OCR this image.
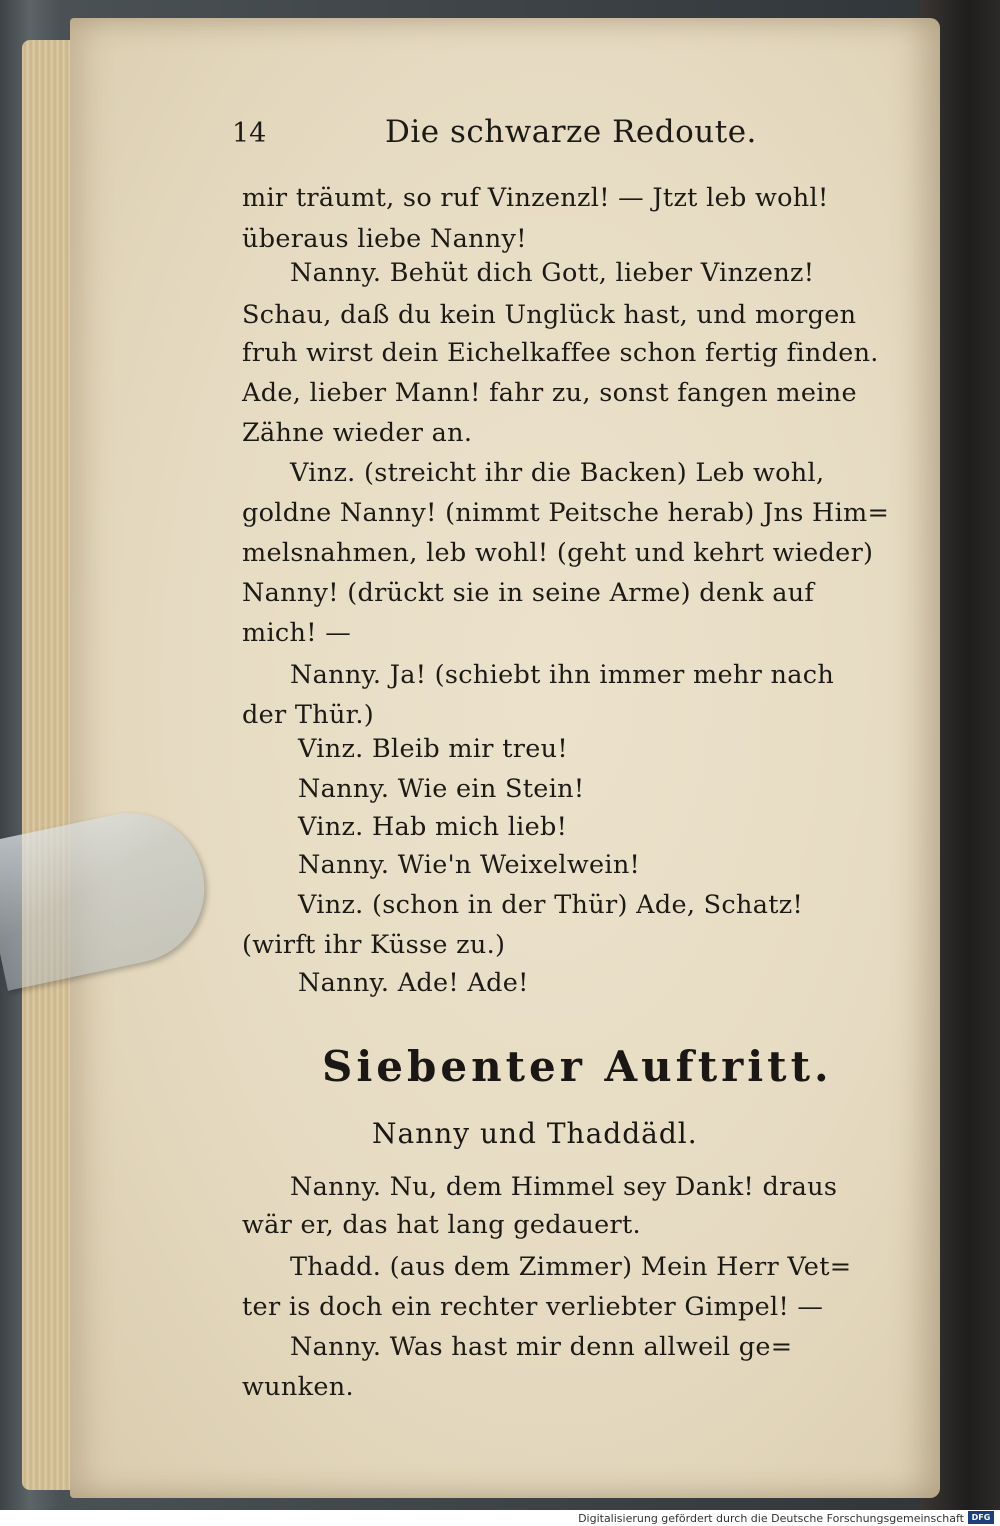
14	Die schwarze Redoute.
mir träumt, so ruf Vinzenzl! — Jtzt leb wohl!
überaus liebe Nanny!
Nanny. Behüt dich Gott, lieber Vinzenz!
Schau, daß du kein Unglück hast, und morgen
fruh wirst dein Eichelkaffee schon fertig finden.
Ade, lieber Mann! fahr zu, sonst fangen meine
Zähne wieder an.
Vinz. (streicht ihr die Backen) Leb wohl,
goldne Nanny! (nimmt Peitsche herab) Jns Him=
melsnahmen, leb wohl! (geht und kehrt wieder)
Nanny! (drückt sie in seine Arme) denk auf
mich! —
Nanny. Ja! (schiebt ihn immer mehr nach
der Thür.)
Vinz. Bleib mir treu!
Nanny. Wie ein Stein!
Vinz. Hab mich lieb!
Nanny. Wie'n Weixelwein!
Vinz. (schon in der Thür) Ade, Schatz!
(wirft ihr Küsse zu.)
Nanny. Ade! Ade!
Siebenter Auftritt.
Nanny und Thaddädl.
Nanny. Nu, dem Himmel sey Dank! draus
wär er, das hat lang gedauert.
Thadd. (aus dem Zimmer) Mein Herr Vet=
ter is doch ein rechter verliebter Gimpel! —
Nanny. Was hast mir denn allweil ge=
wunken.
Digitalisierung gefördert durch die Deutsche Forschungsgemeinschaft DFG
